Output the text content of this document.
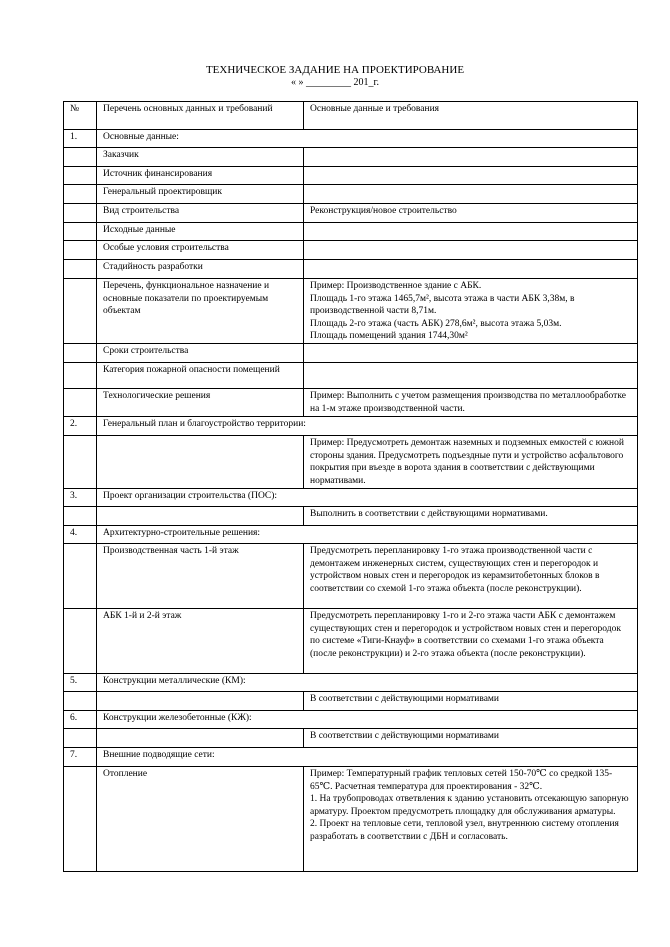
ТЕХНИЧЕСКОЕ ЗАДАНИЕ НА ПРОЕКТИРОВАНИЕ
« » _________ 201_г.
№	Перечень основных данных и требований	Основные данные и требования
1.	Основные данные:	
	Заказчик	
	Источник финансирования	
	Генеральный проектировщик	
	Вид строительства	Реконструкция/новое строительство
	Исходные данные	
	Особые условия строительства	
	Стадийность разработки	
	Перечень, функциональное назначение и основные показатели по проектируемым объектам	Пример: Производственное здание с АБК.
Площадь 1-го этажа 1465,7м², высота этажа в части АБК 3,38м, в производственной части 8,71м.
Площадь 2-го этажа (часть АБК) 278,6м², высота этажа 5,03м.
Площадь помещений здания 1744,30м²
	Сроки строительства	
	Категория пожарной опасности помещений	
	Технологические решения	Пример: Выполнить с учетом размещения производства по металлообработке на 1-м этаже производственной части.
2.	Генеральный план и благоустройство территории:	
		Пример: Предусмотреть демонтаж наземных и подземных емкостей с южной стороны здания. Предусмотреть подъездные пути и устройство асфальтового покрытия при въезде в ворота здания в соответствии с действующими нормативами.
3.	Проект организации строительства (ПОС):	
		Выполнить в соответствии с действующими нормативами.
4.	Архитектурно-строительные решения:	
	Производственная часть 1-й этаж	Предусмотреть перепланировку 1-го этажа производственной части с демонтажем инженерных систем, существующих стен и перегородок и устройством новых стен и перегородок из керамзитобетонных блоков в соответствии со схемой 1-го этажа объекта (после реконструкции).
	АБК 1-й и 2-й этаж	Предусмотреть перепланировку 1-го и 2-го этажа части АБК с демонтажем существующих стен и перегородок и устройством новых стен и перегородок по системе «Тиги-Кнауф» в соответствии со схемами 1-го этажа объекта (после реконструкции) и 2-го этажа объекта (после реконструкции).
5.	Конструкции металлические (КМ):	
		В соответствии с действующими нормативами
6.	Конструкции железобетонные (КЖ):	
		В соответствии с действующими нормативами
7.	Внешние подводящие сети:	
	Отопление	Пример: Температурный график тепловых сетей 150-70℃ со средкой 135-65℃. Расчетная температура для проектирования - 32℃.
1. На трубопроводах ответвления к зданию установить отсекающую запорную арматуру. Проектом предусмотреть площадку для обслуживания арматуры.
2. Проект на тепловые сети, тепловой узел, внутреннюю систему отопления разработать в соответствии с ДБН и согласовать.
